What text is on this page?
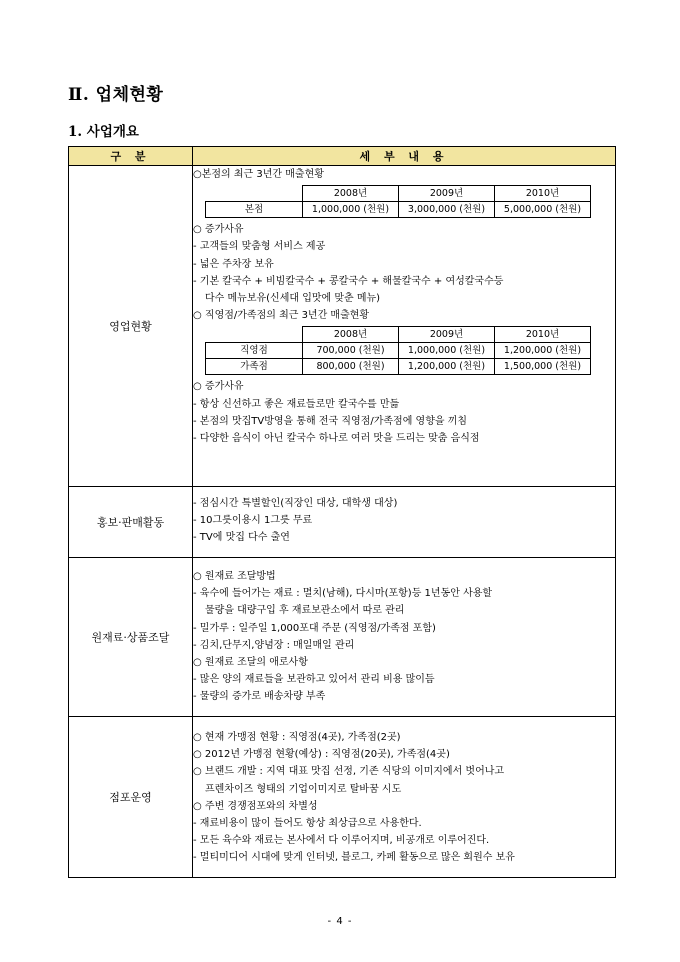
Ⅱ. 업체현황
1. 사업개요
구 분	세 부 내 용
영업현황	
○본점의 최근 3년간 매출현황
	2008년	2009년	2010년
본점	1,000,000 (천원)	3,000,000 (천원)	5,000,000 (천원)
○ 증가사유
- 고객들의 맞춤형 서비스 제공
- 넓은 주차장 보유
- 기본 칼국수 + 비빔칼국수 + 콩칼국수 + 해물칼국수 + 여성칼국수등
다수 메뉴보유(신세대 입맛에 맞춘 메뉴)
○ 직영점/가족점의 최근 3년간 매출현황
	2008년	2009년	2010년
직영점	700,000 (천원)	1,000,000 (천원)	1,200,000 (천원)
가족점	800,000 (천원)	1,200,000 (천원)	1,500,000 (천원)
○ 증가사유
- 항상 신선하고 좋은 재료들로만 칼국수를 만듦
- 본점의 맛집TV방영을 통해 전국 직영점/가족점에 영향을 끼침
- 다양한 음식이 아닌 칼국수 하나로 여러 맛을 드리는 맞춤 음식점

홍보·판매활동	
- 점심시간 특별할인(직장인 대상, 대학생 대상)
- 10그릇이용시 1그릇 무료
- TV에 맛집 다수 출연

원재료·상품조달	
○ 원재료 조달방법
- 육수에 들어가는 재료 : 멸치(남해), 다시마(포항)등 1년동안 사용할
물량을 대량구입 후 재료보관소에서 따로 관리
- 밀가루 : 일주일 1,000포대 주문 (직영점/가족점 포함)
- 김치,단무지,양념장 : 매일매일 관리
○ 원재료 조달의 애로사항
- 많은 양의 재료들을 보관하고 있어서 관리 비용 많이듬
- 물량의 증가로 배송차량 부족

점포운영	
○ 현재 가맹점 현황 : 직영점(4곳), 가족점(2곳)
○ 2012년 가맹점 현황(예상) : 직영점(20곳), 가족점(4곳)
○ 브랜드 개발 : 지역 대표 맛집 선정, 기존 식당의 이미지에서 벗어나고
프렌차이즈 형태의 기업이미지로 탈바꿈 시도
○ 주변 경쟁점포와의 차별성
- 재료비용이 많이 들어도 항상 최상급으로 사용한다.
- 모든 육수와 재료는 본사에서 다 이루어지며, 비공개로 이루어진다.
- 멀티미디어 시대에 맞게 인터넷, 블로그, 카페 활동으로 많은 회원수 보유
- 4 -
